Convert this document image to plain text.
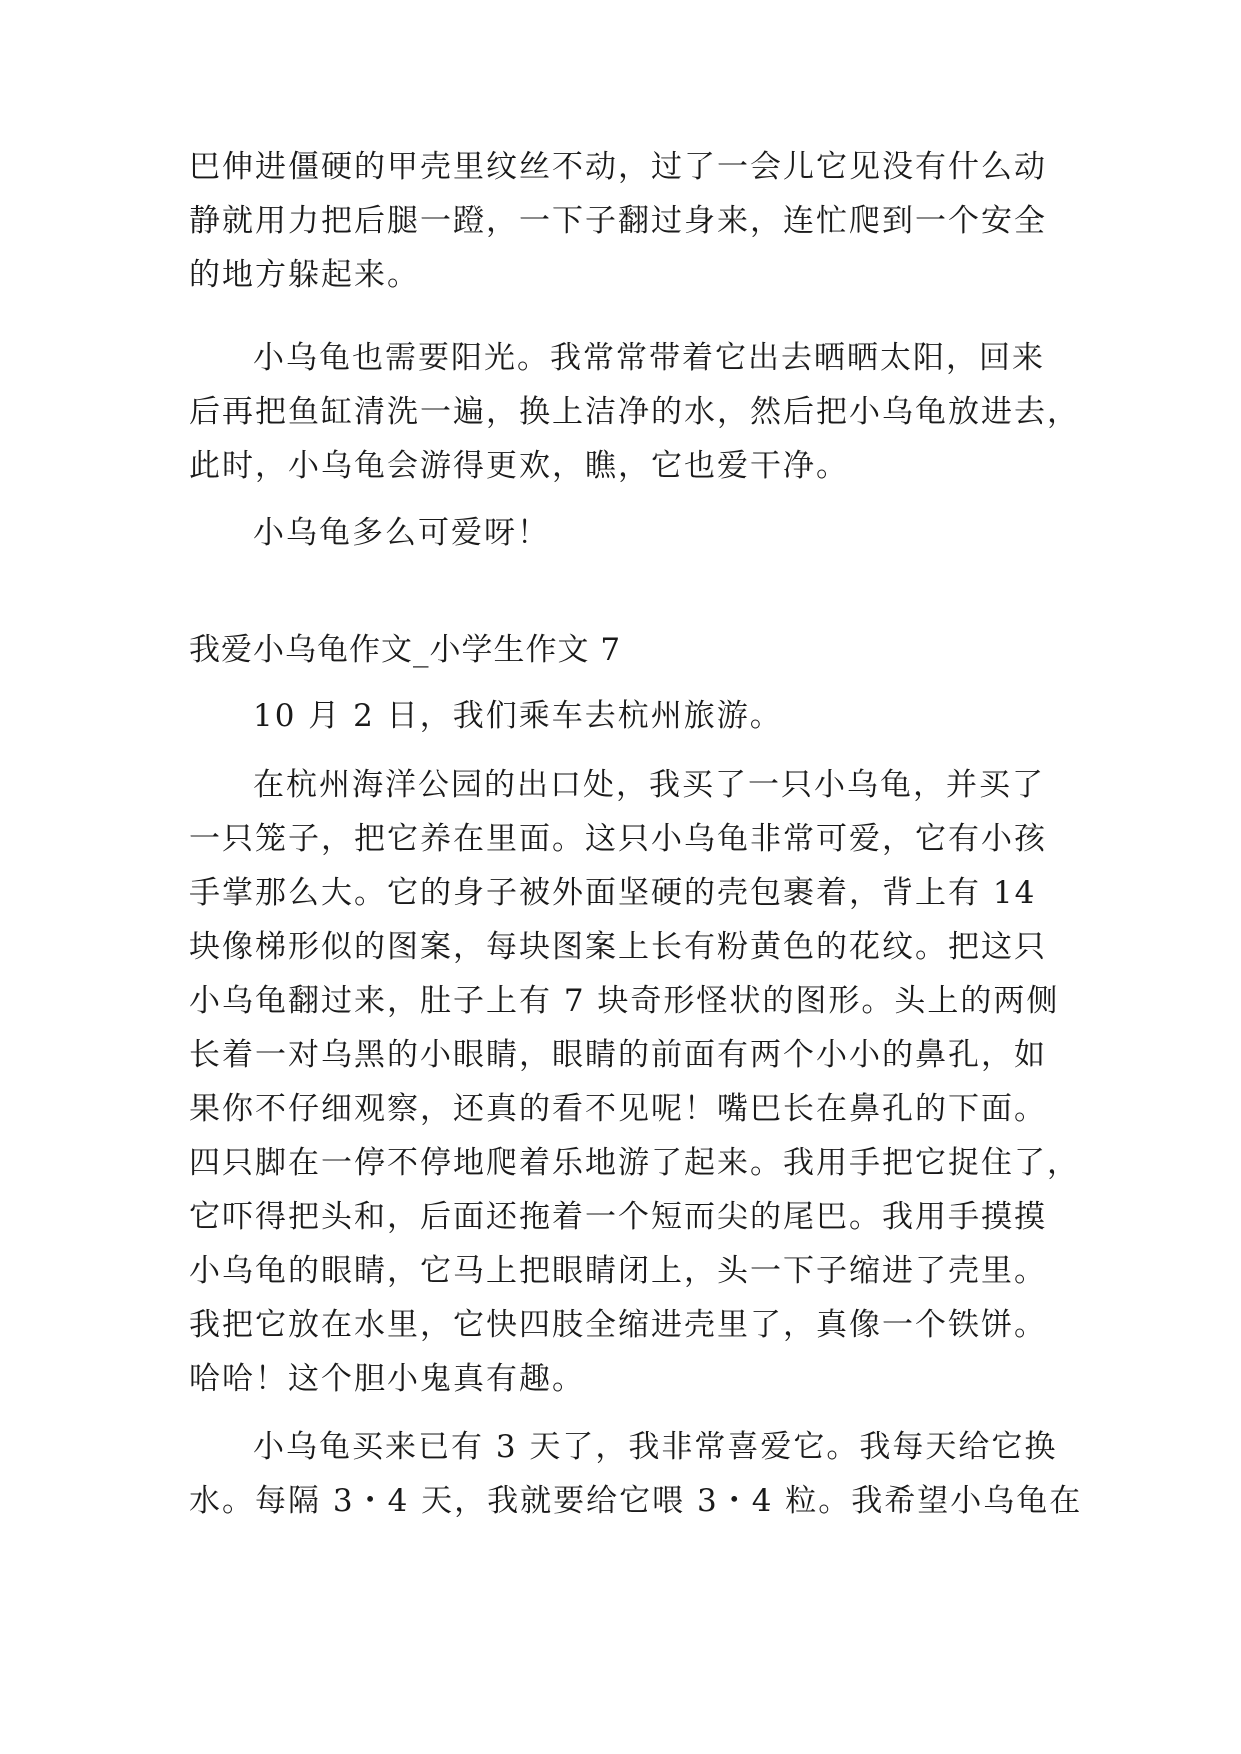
巴伸进僵硬的甲壳里纹丝不动，过了一会儿它见没有什么动
静就用力把后腿一蹬，一下子翻过身来，连忙爬到一个安全
的地方躲起来。
小乌龟也需要阳光。我常常带着它出去晒晒太阳，回来
后再把鱼缸清洗一遍，换上洁净的水，然后把小乌龟放进去，
此时，小乌龟会游得更欢，瞧，它也爱干净。
小乌龟多么可爱呀！
我爱小乌龟作文_小学生作文 7
10 月 2 日，我们乘车去杭州旅游。
在杭州海洋公园的出口处，我买了一只小乌龟，并买了
一只笼子，把它养在里面。这只小乌龟非常可爱，它有小孩
手掌那么大。它的身子被外面坚硬的壳包裹着，背上有 14
块像梯形似的图案，每块图案上长有粉黄色的花纹。把这只
小乌龟翻过来，肚子上有 7 块奇形怪状的图形。头上的两侧
长着一对乌黑的小眼睛，眼睛的前面有两个小小的鼻孔，如
果你不仔细观察，还真的看不见呢！嘴巴长在鼻孔的下面。
四只脚在一停不停地爬着乐地游了起来。我用手把它捉住了，
它吓得把头和，后面还拖着一个短而尖的尾巴。我用手摸摸
小乌龟的眼睛，它马上把眼睛闭上，头一下子缩进了壳里。
我把它放在水里，它快四肢全缩进壳里了，真像一个铁饼。
哈哈！这个胆小鬼真有趣。
小乌龟买来已有 3 天了，我非常喜爱它。我每天给它换
水。每隔 3・4 天，我就要给它喂 3・4 粒。我希望小乌龟在
